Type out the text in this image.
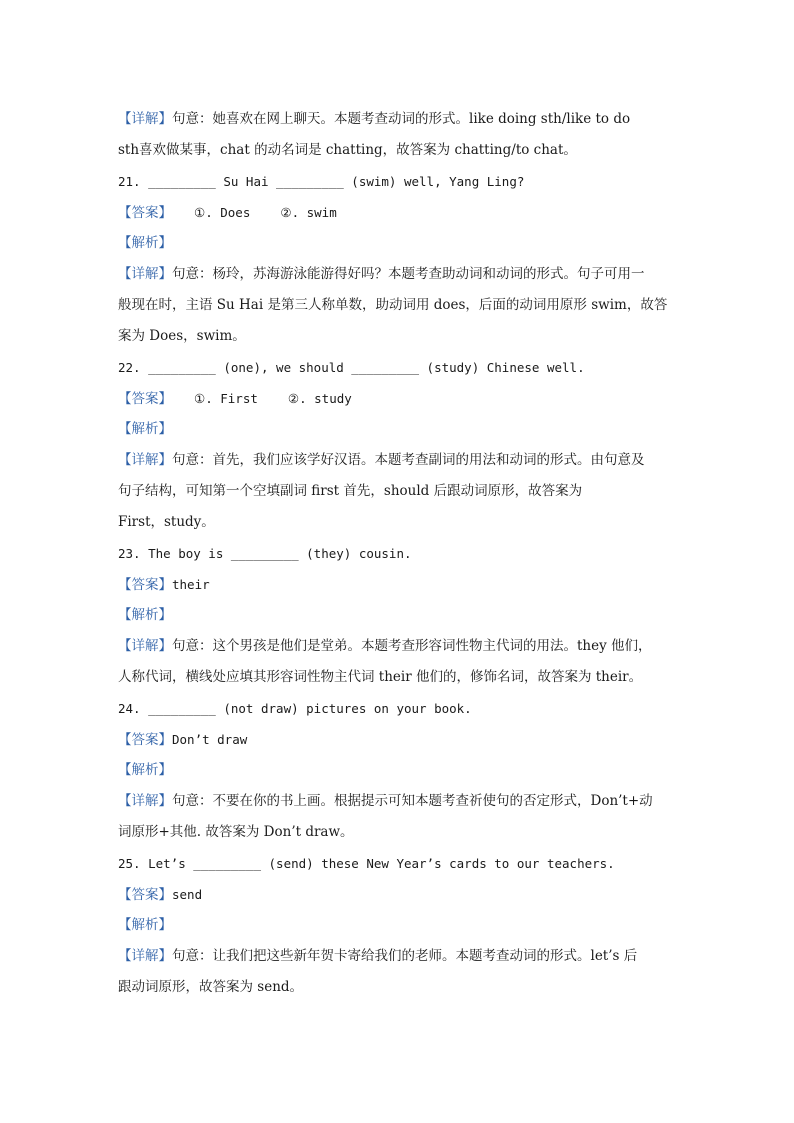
【详解】句意：她喜欢在网上聊天。本题考查动词的形式。like doing sth/like to do
sth喜欢做某事，chat 的动名词是 chatting，故答案为 chatting/to chat。
21. _________ Su Hai _________ (swim) well, Yang Ling?
【答案】 ①. Does ②. swim
【解析】
【详解】句意：杨玲，苏海游泳能游得好吗？本题考查助动词和动词的形式。句子可用一
般现在时，主语 Su Hai 是第三人称单数，助动词用 does，后面的动词用原形 swim，故答
案为 Does，swim。
22. _________ (one), we should _________ (study) Chinese well.
【答案】 ①. First ②. study
【解析】
【详解】句意：首先，我们应该学好汉语。本题考查副词的用法和动词的形式。由句意及
句子结构，可知第一个空填副词 first 首先，should 后跟动词原形，故答案为
First，study。
23. The boy is _________ (they) cousin.
【答案】their
【解析】
【详解】句意：这个男孩是他们是堂弟。本题考查形容词性物主代词的用法。they 他们，
人称代词，横线处应填其形容词性物主代词 their 他们的，修饰名词，故答案为 their。
24. _________ (not draw) pictures on your book.
【答案】Don’t draw
【解析】
【详解】句意：不要在你的书上画。根据提示可知本题考查祈使句的否定形式，Don’t+动
词原形+其他. 故答案为 Don’t draw。
25. Let’s _________ (send) these New Year’s cards to our teachers.
【答案】send
【解析】
【详解】句意：让我们把这些新年贺卡寄给我们的老师。本题考查动词的形式。let’s 后
跟动词原形，故答案为 send。
